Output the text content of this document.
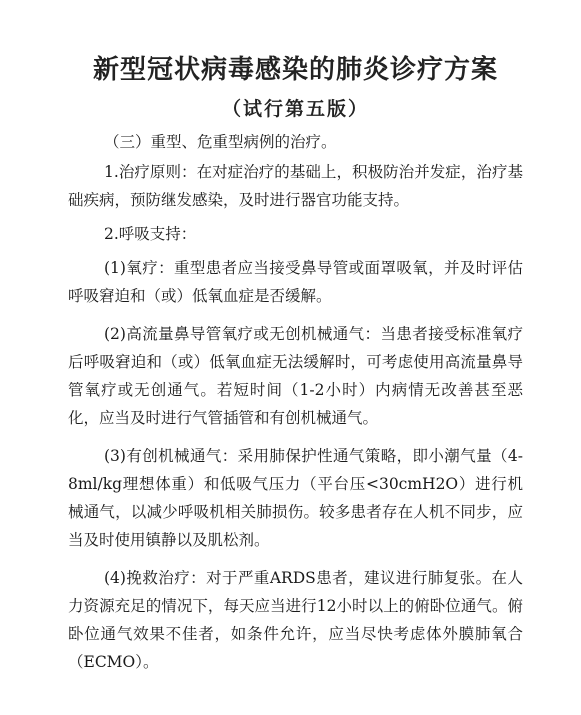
新型冠状病毒感染的肺炎诊疗方案
（试行第五版）
（三）重型、危重型病例的治疗。

1.治疗原则：在对症治疗的基础上，积极防治并发症，治疗基础疾病，预防继发感染，及时进行器官功能支持。

2.呼吸支持：

(1)氧疗：重型患者应当接受鼻导管或面罩吸氧，并及时评估呼吸窘迫和（或）低氧血症是否缓解。

(2)高流量鼻导管氧疗或无创机械通气：当患者接受标准氧疗后呼吸窘迫和（或）低氧血症无法缓解时，可考虑使用高流量鼻导管氧疗或无创通气。若短时间（1-2小时）内病情无改善甚至恶化，应当及时进行气管插管和有创机械通气。

(3)有创机械通气：采用肺保护性通气策略，即小潮气量（4-8ml/kg理想体重）和低吸气压力（平台压<30cmH2O）进行机械通气，以减少呼吸机相关肺损伤。较多患者存在人机不同步，应当及时使用镇静以及肌松剂。

(4)挽救治疗：对于严重ARDS患者，建议进行肺复张。在人力资源充足的情况下，每天应当进行12小时以上的俯卧位通气。俯卧位通气效果不佳者，如条件允许，应当尽快考虑体外膜肺氧合（ECMO）。
